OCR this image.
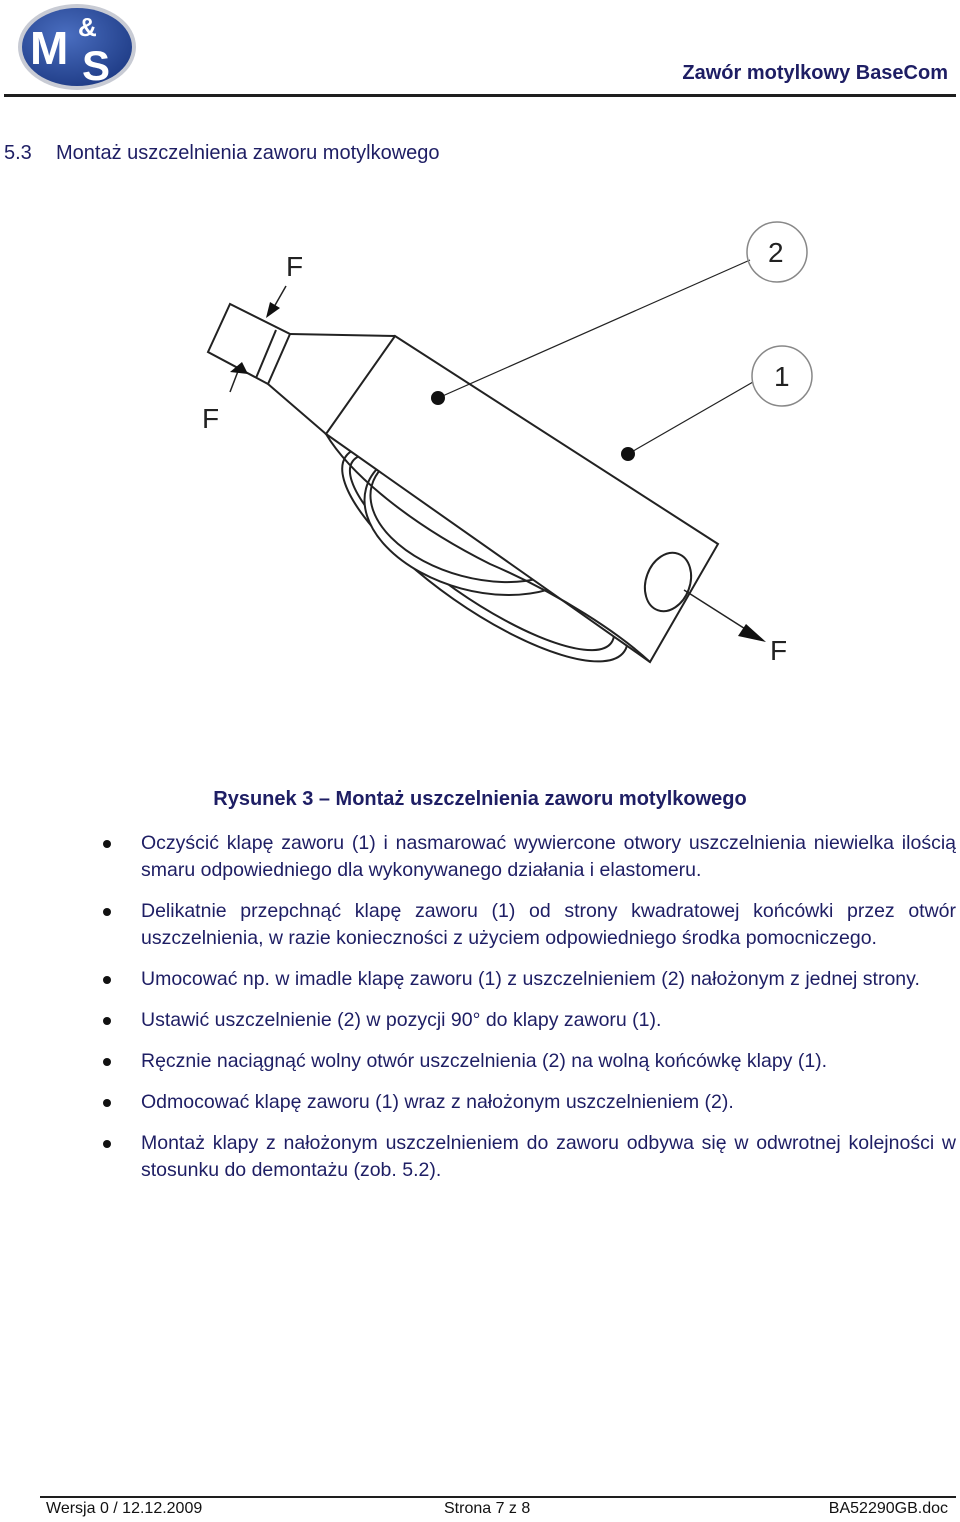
M &
S	Zawór motylkowy BaseCom
5.3 Montaż uszczelnienia zaworu motylkowego
F
F
F
2
1
Rysunek 3 – Montaż uszczelnienia zaworu motylkowego
Oczyścić klapę zaworu (1) i nasmarować wywiercone otwory uszczelnienia niewielka ilością smaru odpowiedniego dla wykonywanego działania i elastomeru.
Delikatnie przepchnąć klapę zaworu (1) od strony kwadratowej końcówki przez otwór uszczelnienia, w razie konieczności z użyciem odpowiedniego środka pomocniczego.
Umocować np. w imadle klapę zaworu (1) z uszczelnieniem (2) nałożonym z jednej strony.
Ustawić uszczelnienie (2) w pozycji 90° do klapy zaworu (1).
Ręcznie naciągnąć wolny otwór uszczelnienia (2) na wolną końcówkę klapy (1).
Odmocować klapę zaworu (1) wraz z nałożonym uszczelnieniem (2).
Montaż klapy z nałożonym uszczelnieniem do zaworu odbywa się w odwrotnej kolejności w stosunku do demontażu (zob. 5.2).
Wersja 0 / 12.12.2009	Strona 7 z 8	BA52290GB.doc
